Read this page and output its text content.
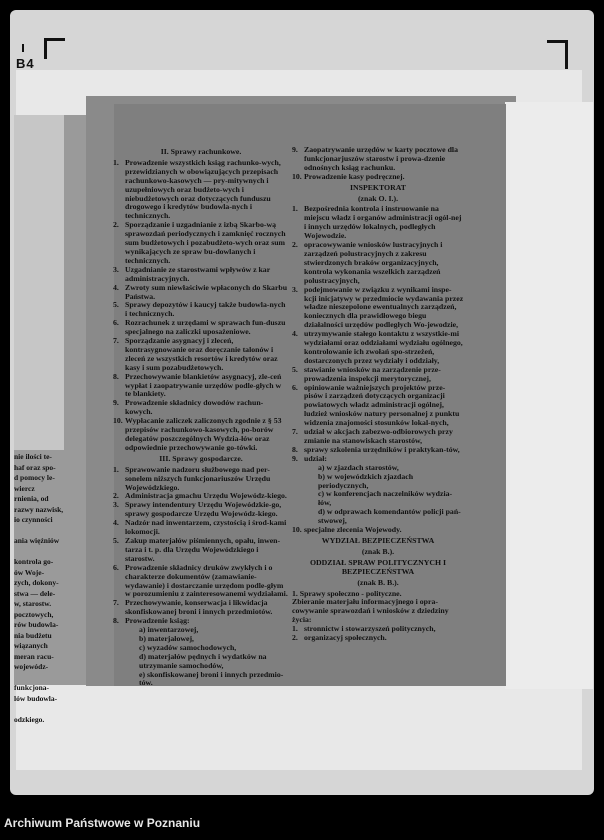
B4
nie ilości te-
haf oraz spo-
d pomocy le-
wiercz
rnienia, od
razwy nazwisk,
io czynności

ania więźniów

kontrola go-
ów Woje-
zych, dokony-
stwa — dele-
w, starostw.
pocztowych,
rów budowla-
nia budżetu
wiązanych
meran racu-
wojewódz-

funkcjona-
lów budowla-

odzkiego.
II. Sprawy rachunkowe.
1. Prowadzenie wszystkich ksiąg rachunko-wych, przewidzianych w obowiązujących przepisach rachunkowo-kasowych — pry-mitywnych i uzupełniowych oraz budżeto-wych i niebudżetowych oraz dotyczących funduszu drogowego i kredytów budowla-nych i technicznych.
2. Sporządzanie i uzgadnianie z izbą Skarbo-wą sprawozdań periodycznych i zamknięć rocznych sum budżetowych i pozabudżeto-wych oraz sum wynikających ze spraw bu-dowlanych i technicznych.
3. Uzgadnianie ze starostwami wpływów z kar administracyjnych.
4. Zwroty sum niewłaściwie wpłaconych do Skarbu Państwa.
5. Sprawy depozytów i kaucyj także budowla-nych i technicznych.
6. Rozrachunek z urzędami w sprawach fun-duszu specjalnego na zaliczki uposażeniowe.
7. Sporządzanie asygnacyj i zleceń, kontrasygnowanie oraz doręczanie talonów i zleceń ze wszystkich resortów i kredytów oraz kasy i sum pozabudżetowych.
8. Przechowywanie blankietów asygnacyj, zle-ceń wypłat i zaopatrywanie urzędów podle-głych w te blankiety.
9. Prowadzenie składnicy dowodów rachun-kowych.
10. Wypłacanie zaliczek zaliczonych zgodnie z § 53 przepisów rachunkowo-kasowych, po-borów delegatów poszczególnych Wydzia-łów oraz odpowiednie przechowywanie go-tówki.
III. Sprawy gospodarcze.
1. Sprawowanie nadzoru służbowego nad per-sonelem niższych funkcjonariuszów Urzędu Wojewódzkiego.
2. Administracja gmachu Urzędu Wojewódz-kiego.
3. Sprawy intendentury Urzędu Wojewódzkie-go, sprawy gospodarcze Urzędu Wojewódz-kiego.
4. Nadzór nad inwentarzem, czystością i środ-kami lokomocji.
5. Zakup materjałów piśmiennych, opału, inwen-tarza i t. p. dla Urzędu Wojewódzkiego i starostw.
6. Prowadzenie składnicy druków zwykłych i o charakterze dokumentów (zamawianie-wydawanie) i dostarczanie urzędom podle-głym w porozumieniu z zainteresowanemi wydziałami.
7. Przechowywanie, konserwacja i likwidacja skonfiskowanej broni i innych przedmiotów.
8. Prowadzenie ksiąg:
a) inwentarzowej,
b) materjałowej,
c) wyzadów samochodowych,
d) materjałów pędnych i wydatków na utrzymanie samochodów,
e) skonfiskowanej broni i innych przedmio-tów.
9. Zaopatrywanie urzędów w karty pocztowe dla funkcjonarjuszów starostw i prowa-dzenie odnośnych ksiąg rachunku.
10. Prowadzenie kasy podręcznej.
INSPEKTORAT
(znak O. I.).
1. Bezpośrednia kontrola i instruowanie na miejscu władz i organów administracji ogól-nej i innych urzędów lokalnych, podległych Wojewodzie.
2. opracowywanie wniosków lustracyjnych i zarządzeń polustracyjnych z zakresu stwierdzonych braków organizacyjnych, kontrola wykonania wszelkich zarządzeń polustracyjnych,
3. podejmowanie w związku z wynikami inspe-kcji inicjatywy w przedmiocie wydawania przez władze nieszepolone ewentualnych zarządzeń, koniecznych dla prawidłowego biegu działalności urzędów podległych Wo-jewodzie,
4. utrzymywanie stałego kontaktu z wszystkie-mi wydziałami oraz oddziałami wydziału ogólnego, kontrolowanie ich zwołań spo-strzeżeń, dostarczonych przez wydziały i oddziały,
5. stawianie wniosków na zarządzenie prze-prowadzenia inspekcji merytorycznej,
6. opiniowanie ważniejszych projektów prze-pisów i zarządzeń dotyczących organizacji powiatowych władz administracji ogólnej, ludzież wniosków natury personalnej z punktu widzenia znajomości stosunków lokal-nych,
7. udział w akcjach zabezwo-odbiorowych przy zmianie na stanowiskach starostów,
8. sprawy szkolenia urzędników i praktykan-tów,
9. udział:
a) w zjazdach starostów,
b) w wojewódzkich zjazdach periodycznych,
c) w konferencjach naczelników wydzia-łów,
d) w odprawach komendantów policji pań-stwowej,
10. specjalne zlecenia Wojewody.
WYDZIAŁ BEZPIECZEŃSTWA
(znak B.).
ODDZIAŁ SPRAW POLITYCZNYCH I BEZPIECZEŃSTWA
(znak B. B.).
1. Sprawy społeczno - polityczne.
Zbieranie materjału informacyjnego i opra-cowywanie sprawozdań i wniosków z dziedziny życia:
1. stronnictw i stowarzyszeń politycznych,
2. organizacyj społecznych.
Archiwum Państwowe w Poznaniu
